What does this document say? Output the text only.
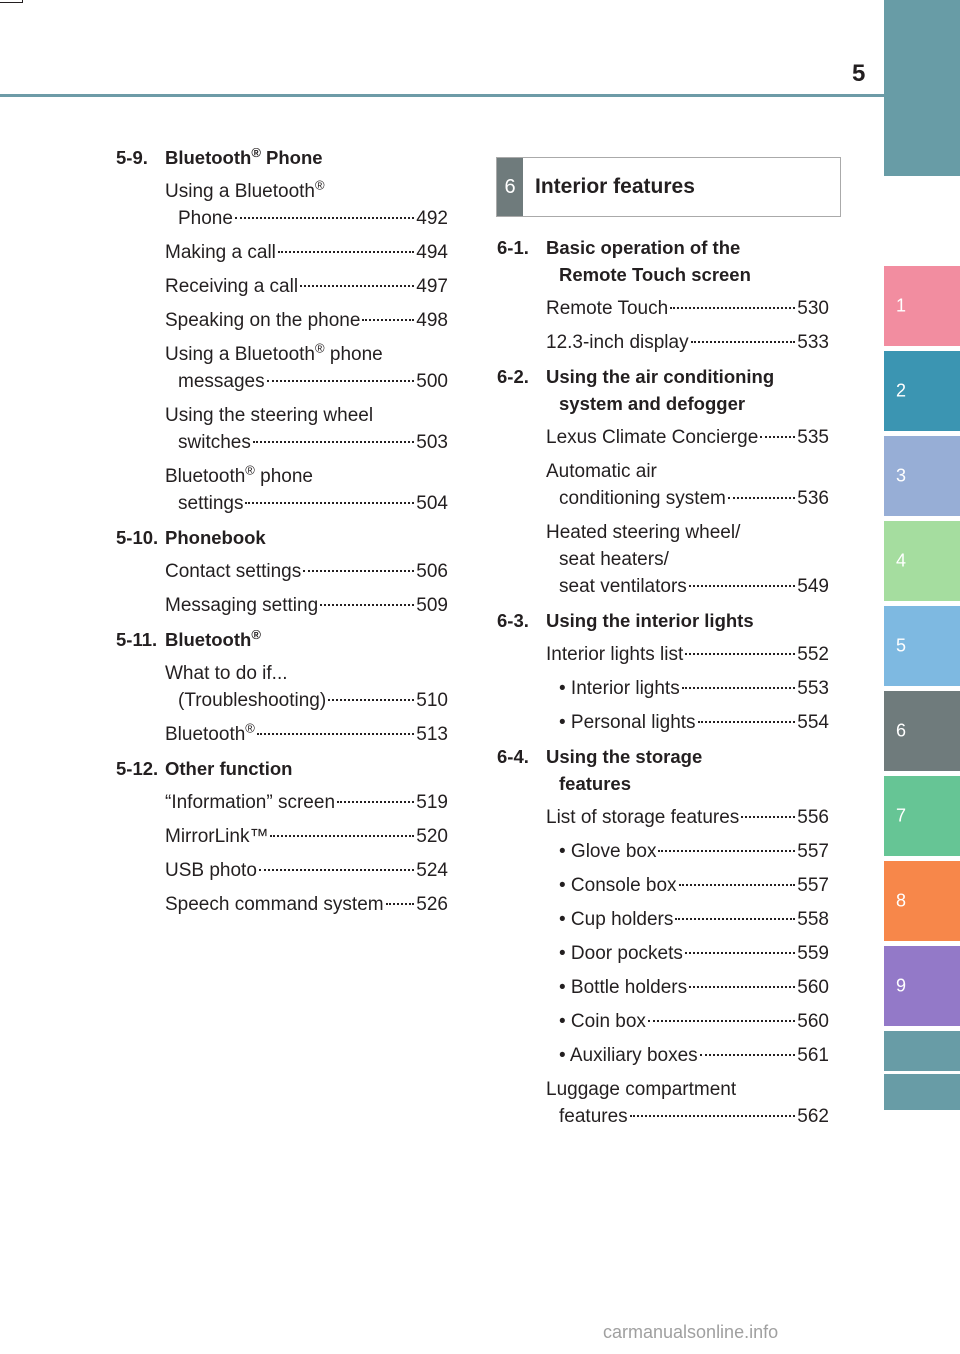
5
1
2
3
4
5
6
7
8
9
5-9. Bluetooth® Phone
Using a Bluetooth®
Phone	492
Making a call	494
Receiving a call	497
Speaking on the phone	498
Using a Bluetooth® phone
messages	500
Using the steering wheel
switches	503
Bluetooth® phone
settings	504
5-10. Phonebook
Contact settings	506
Messaging setting	509
5-11. Bluetooth®
What to do if...
(Troubleshooting)	510
Bluetooth®	513
5-12. Other function
“Information” screen	519
MirrorLink™	520
USB photo	524
Speech command system 526
6 Interior features
6-1. Basic operation of the
Remote Touch screen
Remote Touch	530
12.3-inch display	533
6-2. Using the air conditioning
system and defogger
Lexus Climate Concierge 535
Automatic air
conditioning system	536
Heated steering wheel/
seat heaters/
seat ventilators	549
6-3. Using the interior lights
Interior lights list	552
• Interior lights	553
• Personal lights	554
6-4. Using the storage
features
List of storage features	556
• Glove box	557
• Console box	557
• Cup holders	558
• Door pockets	559
• Bottle holders	560
• Coin box	560
• Auxiliary boxes	561
Luggage compartment
features	562
carmanualsonline.info
